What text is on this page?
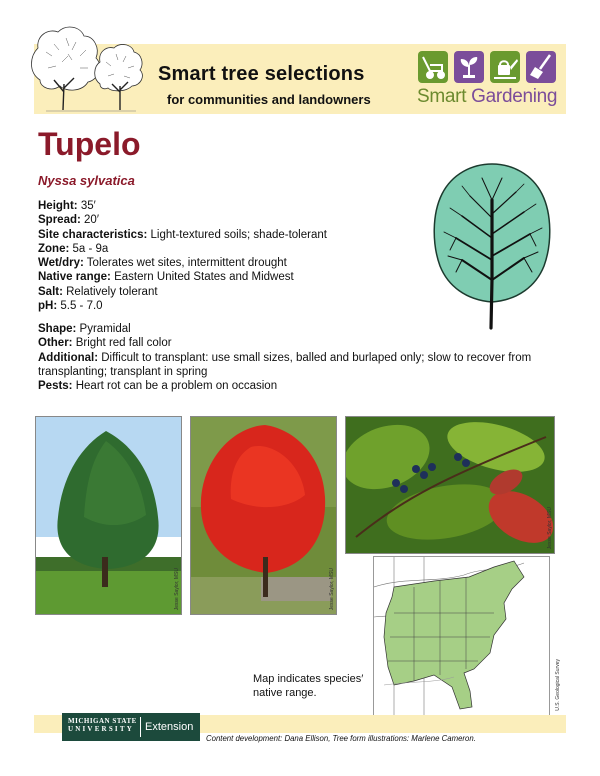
Smart tree selections
for communities and landowners Smart Gardening
Tupelo
Nyssa sylvatica
Height: 35′
Spread: 20′
Site characteristics: Light-textured soils; shade-tolerant
Zone: 5a - 9a
Wet/dry: Tolerates wet sites, intermittent drought
Native range: Eastern United States and Midwest
Salt: Relatively tolerant
pH: 5.5 - 7.0
Shape: Pyramidal
Other: Bright red fall color
Additional: Difficult to transplant: use small sizes, balled and burlaped only; slow to recover from transplanting; transplant in spring
Pests: Heart rot can be a problem on occasion
Jesse Saylor, MSU	Jesse Saylor, MSU
Jesse Saylor, MSU
U.S. Geological Survey
Map indicates species′ native range.
MICHIGAN STATE
UNIVERSITY Extension
Content development: Dana Ellison, Tree form illustrations: Marlene Cameron.
